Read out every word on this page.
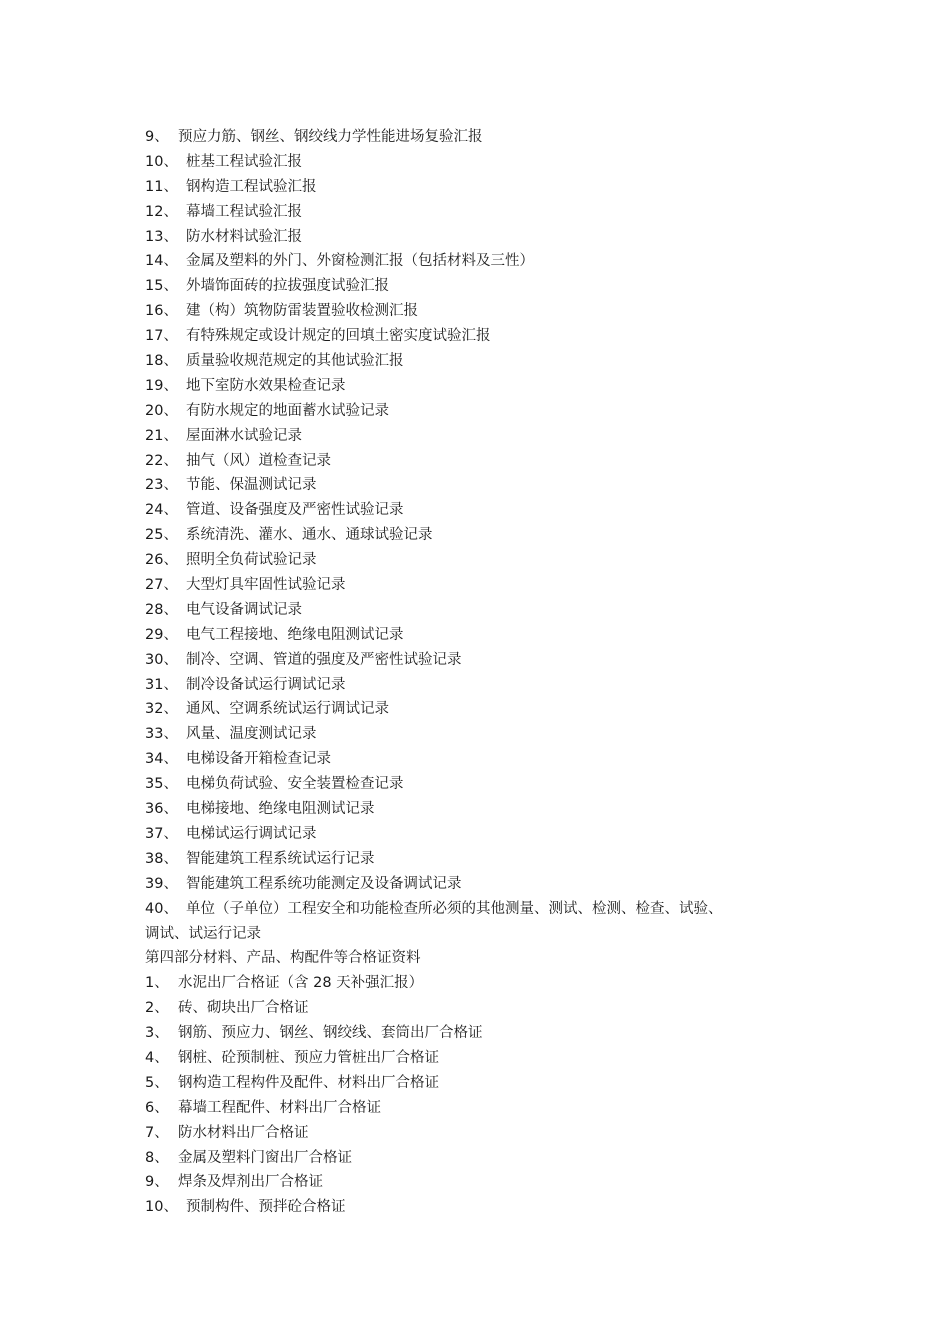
9、 预应力筋、钢丝、钢绞线力学性能进场复验汇报
10、 桩基工程试验汇报
11、 钢构造工程试验汇报
12、 幕墙工程试验汇报
13、 防水材料试验汇报
14、 金属及塑料的外门、外窗检测汇报（包括材料及三性）
15、 外墙饰面砖的拉拔强度试验汇报
16、 建（构）筑物防雷装置验收检测汇报
17、 有特殊规定或设计规定的回填土密实度试验汇报
18、 质量验收规范规定的其他试验汇报
19、 地下室防水效果检查记录
20、 有防水规定的地面蓄水试验记录
21、 屋面淋水试验记录
22、 抽气（风）道检查记录
23、 节能、保温测试记录
24、 管道、设备强度及严密性试验记录
25、 系统清洗、灌水、通水、通球试验记录
26、 照明全负荷试验记录
27、 大型灯具牢固性试验记录
28、 电气设备调试记录
29、 电气工程接地、绝缘电阻测试记录
30、 制冷、空调、管道的强度及严密性试验记录
31、 制冷设备试运行调试记录
32、 通风、空调系统试运行调试记录
33、 风量、温度测试记录
34、 电梯设备开箱检查记录
35、 电梯负荷试验、安全装置检查记录
36、 电梯接地、绝缘电阻测试记录
37、 电梯试运行调试记录
38、 智能建筑工程系统试运行记录
39、 智能建筑工程系统功能测定及设备调试记录
40、 单位（子单位）工程安全和功能检查所必须的其他测量、测试、检测、检查、试验、
调试、试运行记录
第四部分材料、产品、构配件等合格证资料
1、 水泥出厂合格证（含 28 天补强汇报）
2、 砖、砌块出厂合格证
3、 钢筋、预应力、钢丝、钢绞线、套筒出厂合格证
4、 钢桩、砼预制桩、预应力管桩出厂合格证
5、 钢构造工程构件及配件、材料出厂合格证
6、 幕墙工程配件、材料出厂合格证
7、 防水材料出厂合格证
8、 金属及塑料门窗出厂合格证
9、 焊条及焊剂出厂合格证
10、 预制构件、预拌砼合格证
